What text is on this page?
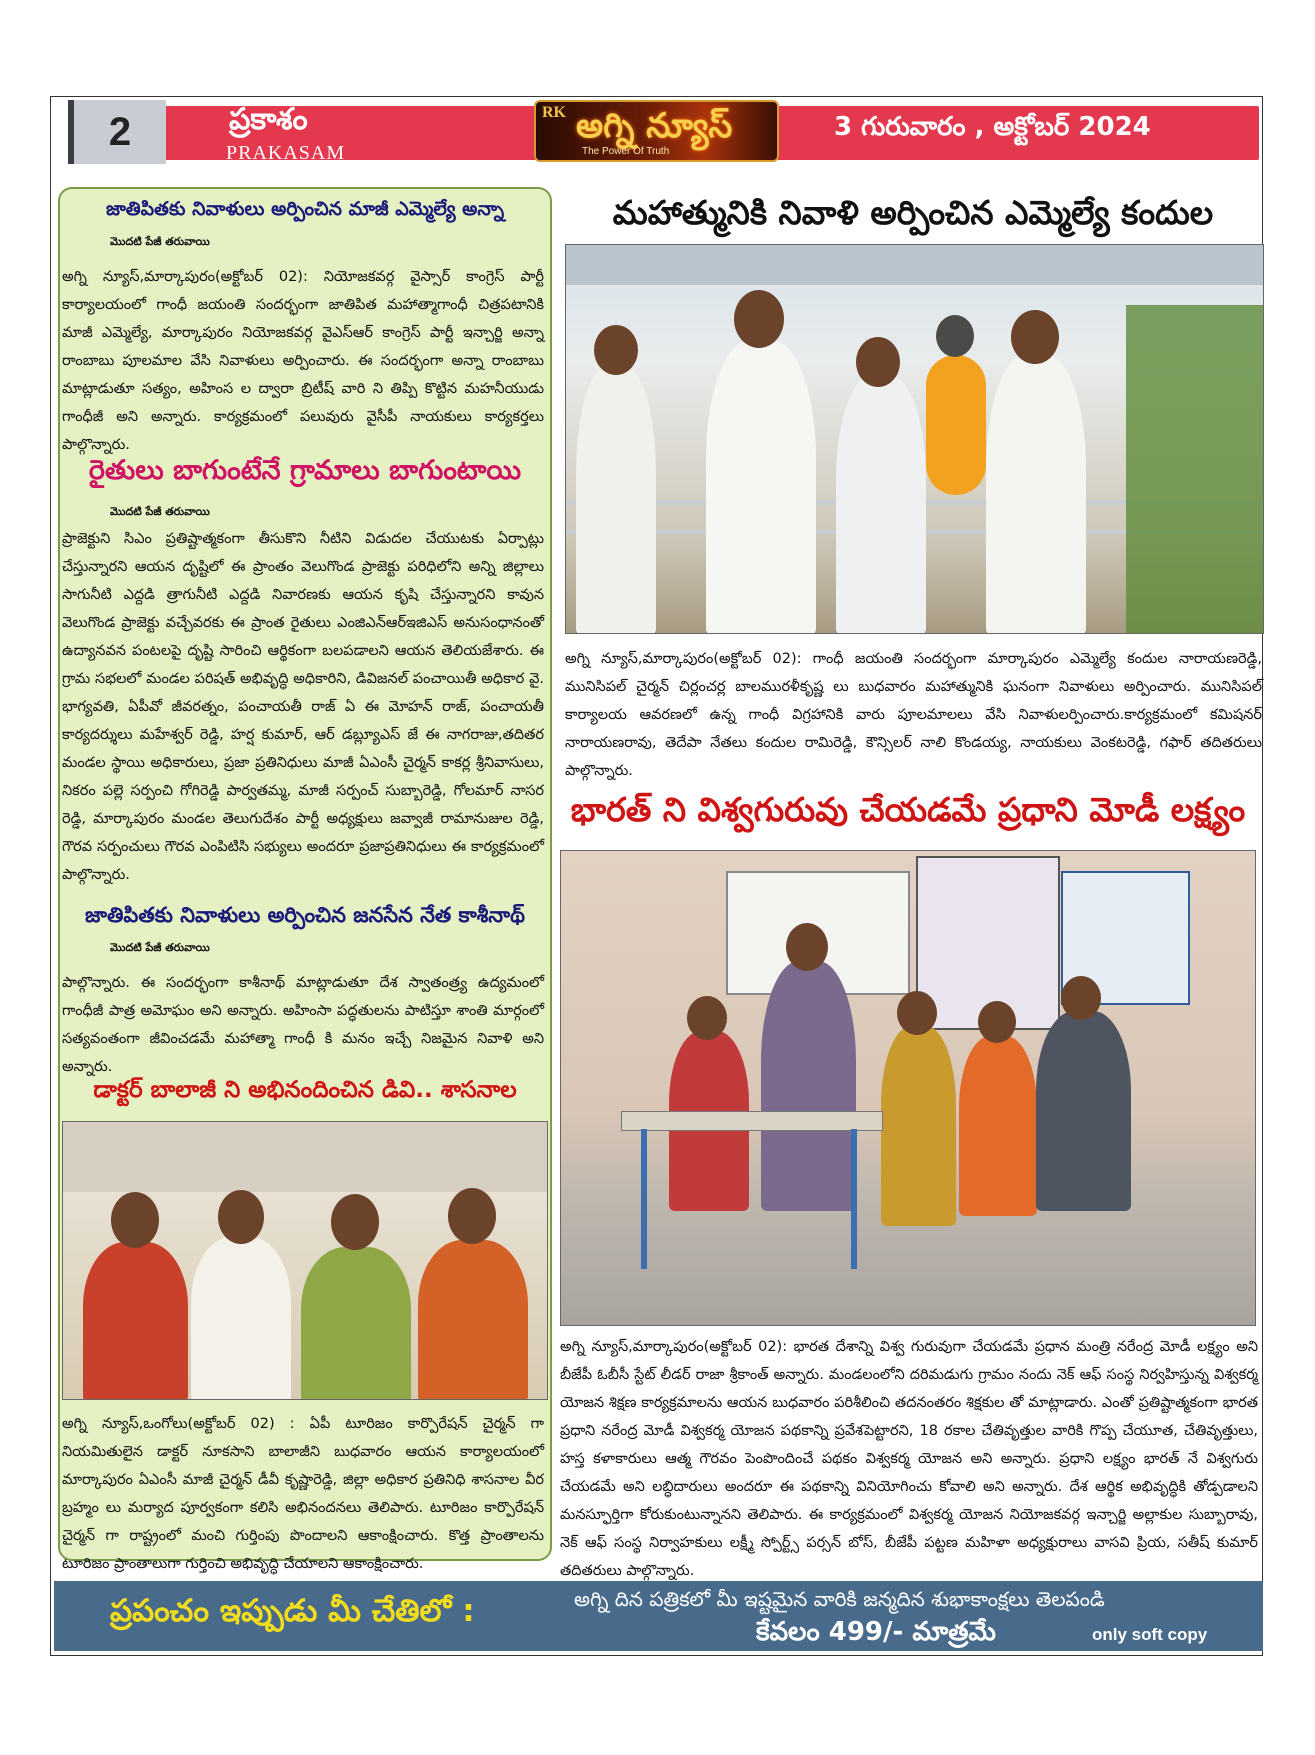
2	ప్రకాశం
PRAKASAM
RK అగ్ని న్యూస్
The Power Of Truth
3 గురువారం , అక్టోబర్ 2024
జాతిపితకు నివాళులు అర్పించిన మాజీ ఎమ్మెల్యే అన్నా

మొదటి పేజీ తరువాయి

అగ్ని న్యూస్,మార్కాపురం(అక్టోబర్ 02): నియోజకవర్గ వైస్సార్ కాంగ్రెస్ పార్టీ కార్యాలయంలో గాంధీ జయంతి సందర్భంగా జాతిపిత మహాత్మాగాంధీ చిత్రపటానికి మాజీ ఎమ్మెల్యే, మార్కాపురం నియోజకవర్గ వైఎస్ఆర్ కాంగ్రెస్ పార్టీ ఇన్చార్జి అన్నా రాంబాబు పూలమాల వేసి నివాళులు అర్పించారు. ఈ సందర్భంగా అన్నా రాంబాబు మాట్లాడుతూ సత్యం, అహింస ల ద్వారా బ్రిటీష్ వారి ని తిప్పి కొట్టిన మహనీయుడు గాంధీజీ అని అన్నారు. కార్యక్రమంలో పలువురు వైసీపీ నాయకులు కార్యకర్తలు పాల్గొన్నారు.

రైతులు బాగుంటేనే గ్రామాలు బాగుంటాయి

మొదటి పేజీ తరువాయి

ప్రాజెక్టుని సిఎం ప్రతిష్టాత్మకంగా తీసుకొని నీటిని విడుదల చేయుటకు ఏర్పాట్లు చేస్తున్నారని ఆయన దృష్టిలో ఈ ప్రాంతం వెలుగొండ ప్రాజెక్టు పరిధిలోని అన్ని జిల్లాలు సాగునీటి ఎద్దడి త్రాగునీటి ఎద్దడి నివారణకు ఆయన కృషి చేస్తున్నారని కావున వెలుగొండ ప్రాజెక్టు వచ్చేవరకు ఈ ప్రాంత రైతులు ఎంజిఎన్ఆర్ఇజిఎస్ అనుసంధానంతో ఉద్యానవన పంటలపై దృష్టి సారించి ఆర్థికంగా బలపడాలని ఆయన తెలియజేశారు. ఈ గ్రామ సభలలో మండల పరిషత్ అభివృద్ధి అధికారిని, డివిజనల్ పంచాయితీ అధికార వై. భాగ్యవతి, ఏపీవో జీవరత్నం, పంచాయతీ రాజ్ ఏ ఈ మోహన్ రాజ్, పంచాయతీ కార్యదర్శులు మహేశ్వర్ రెడ్డి, హర్ష కుమార్, ఆర్ డబ్ల్యూఎస్ జే ఈ నాగరాజు,తదితర మండల స్థాయి అధికారులు, ప్రజా ప్రతినిధులు మాజీ ఏఎంసీ చైర్మన్ కాకర్ల శ్రీనివాసులు, నికరం పల్లె సర్పంచి గోగిరెడ్డి పార్వతమ్మ, మాజీ సర్పంచ్ సుబ్బారెడ్డి, గోలమార్ నాసర రెడ్డి, మార్కాపురం మండల తెలుగుదేశం పార్టీ అధ్యక్షులు జవ్వాజీ రామానుజుల రెడ్డి, గౌరవ సర్పంచులు గౌరవ ఎంపిటిసి సభ్యులు అందరూ ప్రజాప్రతినిధులు ఈ కార్యక్రమంలో పాల్గొన్నారు.

జాతిపితకు నివాళులు అర్పించిన జనసేన నేత కాశీనాథ్

మొదటి పేజీ తరువాయి

పాల్గొన్నారు. ఈ సందర్భంగా కాశీనాథ్ మాట్లాడుతూ దేశ స్వాతంత్ర్య ఉద్యమంలో గాంధీజీ పాత్ర అమోఘం అని అన్నారు. అహింసా పద్ధతులను పాటిస్తూ శాంతి మార్గంలో సత్యవంతంగా జీవించడమే మహాత్మా గాంధీ కి మనం ఇచ్చే నిజమైన నివాళి అని అన్నారు.

డాక్టర్ బాలాజీ ని అభినందించిన డివి.. శాసనాల

అగ్ని న్యూస్,ఒంగోలు(అక్టోబర్ 02) : ఏపీ టూరిజం కార్పొరేషన్ చైర్మన్ గా నియమితులైన డాక్టర్ నూకసాని బాలాజీని బుధవారం ఆయన కార్యాలయంలో మార్కాపురం ఏఎంసీ మాజీ చైర్మన్ డీవీ కృష్ణారెడ్డి, జిల్లా అధికార ప్రతినిధి శాసనాల వీర బ్రహ్మం లు మర్యాద పూర్వకంగా కలిసి అభినందనలు తెలిపారు. టూరిజం కార్పొరేషన్ చైర్మన్ గా రాష్ట్రంలో మంచి గుర్తింపు పొందాలని ఆకాంక్షించారు. కొత్త ప్రాంతాలను టూరిజం ప్రాంతాలుగా గుర్తించి అభివృద్ధి చేయాలని ఆకాంక్షించారు.

మహాత్మునికి నివాళి అర్పించిన ఎమ్మెల్యే కందుల

అగ్ని న్యూస్,మార్కాపురం(అక్టోబర్ 02): గాంధీ జయంతి సందర్భంగా మార్కాపురం ఎమ్మెల్యే కందుల నారాయణరెడ్డి, మునిసిపల్ చైర్మన్ చిర్లంచర్ల బాలమురళీకృష్ణ లు బుధవారం మహాత్మునికి ఘనంగా నివాళులు అర్పించారు. మునిసిపల్ కార్యాలయ ఆవరణలో ఉన్న గాంధీ విగ్రహానికి వారు పూలమాలలు వేసి నివాళులర్పించారు.కార్యక్రమంలో కమిషనర్ నారాయణరావు, తెదేపా నేతలు కందుల రామిరెడ్డి, కౌన్సిలర్ నాలి కొండయ్య, నాయకులు వెంకటరెడ్డి, గఫార్ తదితరులు పాల్గొన్నారు.

భారత్ ని విశ్వగురువు చేయడమే ప్రధాని మోడీ లక్ష్యం

అగ్ని న్యూస్,మార్కాపురం(అక్టోబర్ 02): భారత దేశాన్ని విశ్వ గురువుగా చేయడమే ప్రధాన మంత్రి నరేంద్ర మోడీ లక్ష్యం అని బీజేపీ ఓబీసీ స్టేట్ లీడర్ రాజా శ్రీకాంత్ అన్నారు. మండలంలోని దరిమడుగు గ్రామం నందు నెక్ ఆఫ్ సంస్థ నిర్వహిస్తున్న విశ్వకర్మ యోజన శిక్షణ కార్యక్రమాలను ఆయన బుధవారం పరిశీలించి తదనంతరం శిక్షకుల తో మాట్లాడారు. ఎంతో ప్రతిష్టాత్మకంగా భారత ప్రధాని నరేంద్ర మోడీ విశ్వకర్మ యోజన పథకాన్ని ప్రవేశపెట్టారని, 18 రకాల చేతివృత్తుల వారికి గొప్ప చేయూత, చేతివృత్తులు, హస్త కళాకారులు ఆత్మ గౌరవం పెంపొందించే పథకం విశ్వకర్మ యోజన అని అన్నారు. ప్రధాని లక్ష్యం భారత్ నే విశ్వగురు చేయడమే అని లబ్ధిదారులు అందరూ ఈ పథకాన్ని వినియోగించు కోవాలి అని అన్నారు. దేశ ఆర్థిక అభివృద్ధికి తోడ్పడాలని మనస్ఫూర్తిగా కోరుకుంటున్నానని తెలిపారు. ఈ కార్యక్రమంలో విశ్వకర్మ యోజన నియోజకవర్గ ఇన్చార్జి అల్లాకుల సుబ్బారావు, నెక్ ఆఫ్ సంస్థ నిర్వాహకులు లక్ష్మీ స్పోర్ట్స్ పర్సన్ బోస్, బీజేపీ పట్టణ మహిళా అధ్యక్షురాలు వాసవి ప్రియ, సతీష్ కుమార్ తదితరులు పాల్గొన్నారు.

ప్రపంచం ఇప్పుడు మీ చేతిలో :	అగ్ని దిన పత్రికలో మీ ఇష్టమైన వారికి జన్మదిన శుభాకాంక్షలు తెలపండి
కేవలం 499/- మాత్రమే	only soft copy
